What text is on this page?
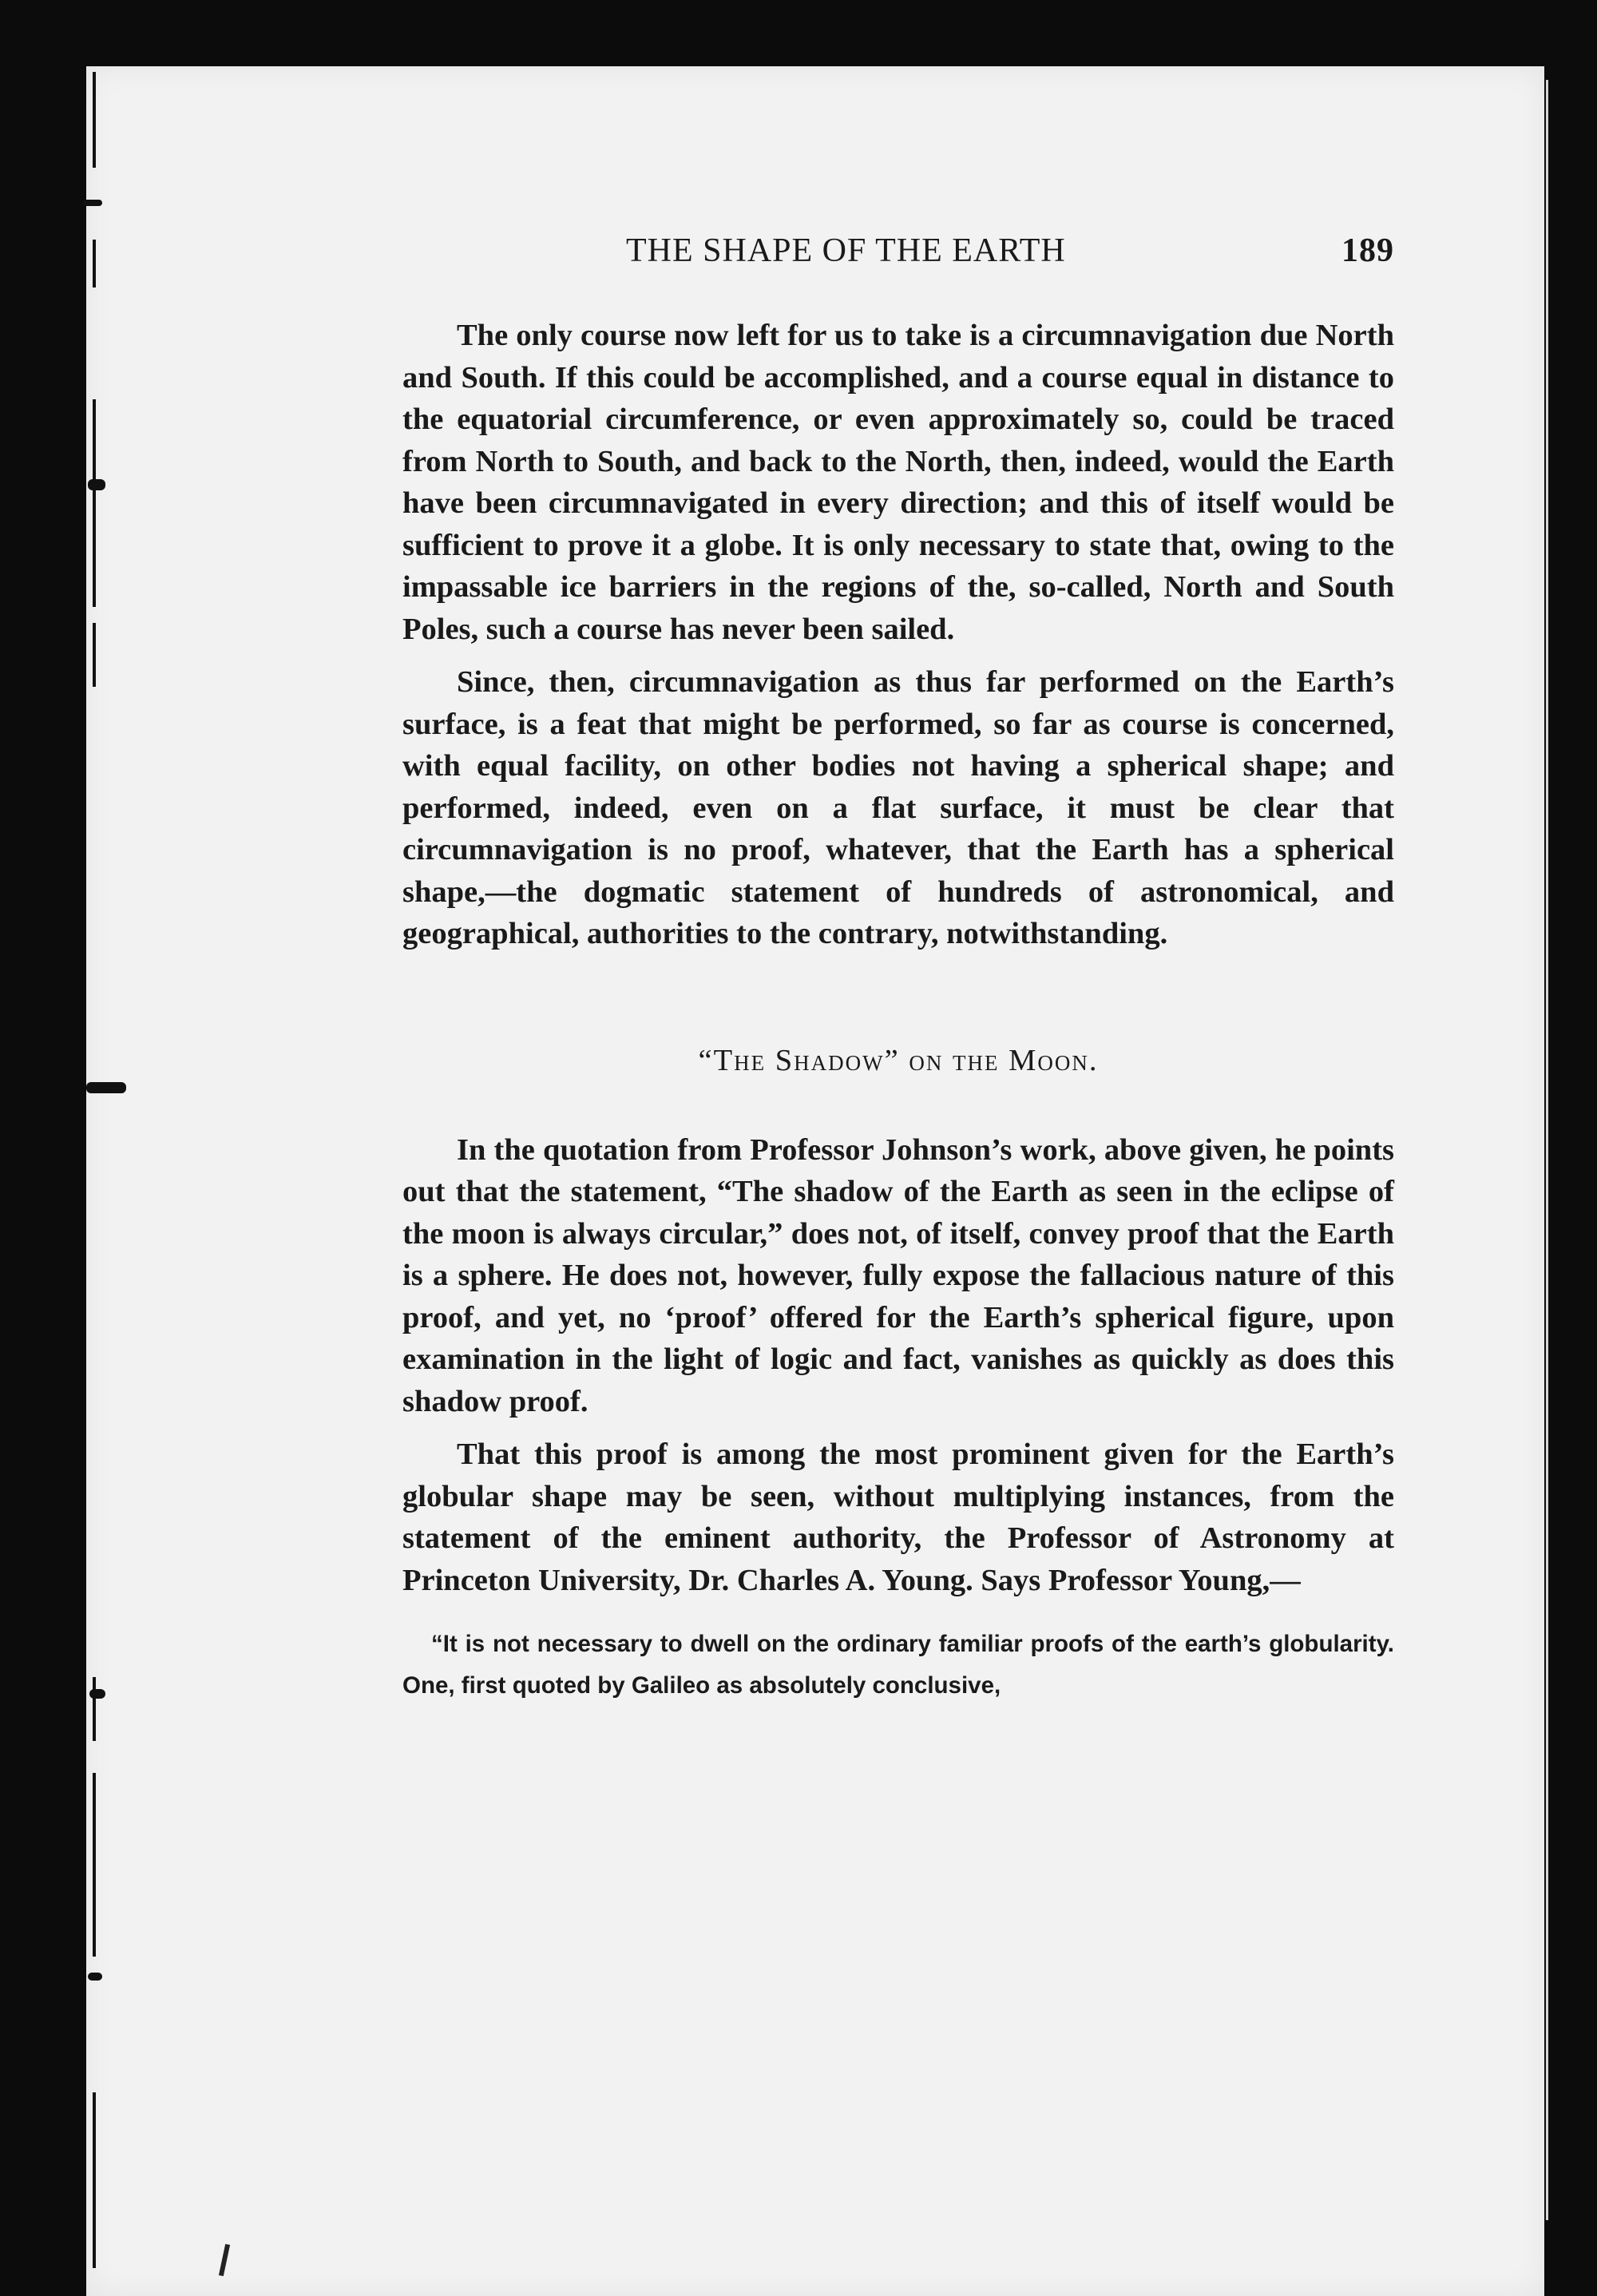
THE SHAPE OF THE EARTH	189

The only course now left for us to take is a circumnavigation due North and South. If this could be accomplished, and a course equal in distance to the equatorial circumference, or even approximately so, could be traced from North to South, and back to the North, then, indeed, would the Earth have been circumnavigated in every direction; and this of itself would be sufficient to prove it a globe. It is only necessary to state that, owing to the impassable ice barriers in the regions of the, so-called, North and South Poles, such a course has never been sailed.

Since, then, circumnavigation as thus far performed on the Earth’s surface, is a feat that might be performed, so far as course is concerned, with equal facility, on other bodies not having a spherical shape; and performed, indeed, even on a flat surface, it must be clear that circumnavigation is no proof, whatever, that the Earth has a spherical shape,—the dogmatic statement of hundreds of astronomical, and geographical, authorities to the contrary, notwithstanding.

“The Shadow” on the Moon.

In the quotation from Professor Johnson’s work, above given, he points out that the statement, “The shadow of the Earth as seen in the eclipse of the moon is always circular,” does not, of itself, convey proof that the Earth is a sphere. He does not, however, fully expose the fallacious nature of this proof, and yet, no ‘proof’ offered for the Earth’s spherical figure, upon examination in the light of logic and fact, vanishes as quickly as does this shadow proof.

That this proof is among the most prominent given for the Earth’s globular shape may be seen, without multiplying instances, from the statement of the eminent authority, the Professor of Astronomy at Princeton University, Dr. Charles A. Young. Says Professor Young,—

“It is not necessary to dwell on the ordinary familiar proofs of the earth’s globularity. One, first quoted by Galileo as absolutely conclusive,
